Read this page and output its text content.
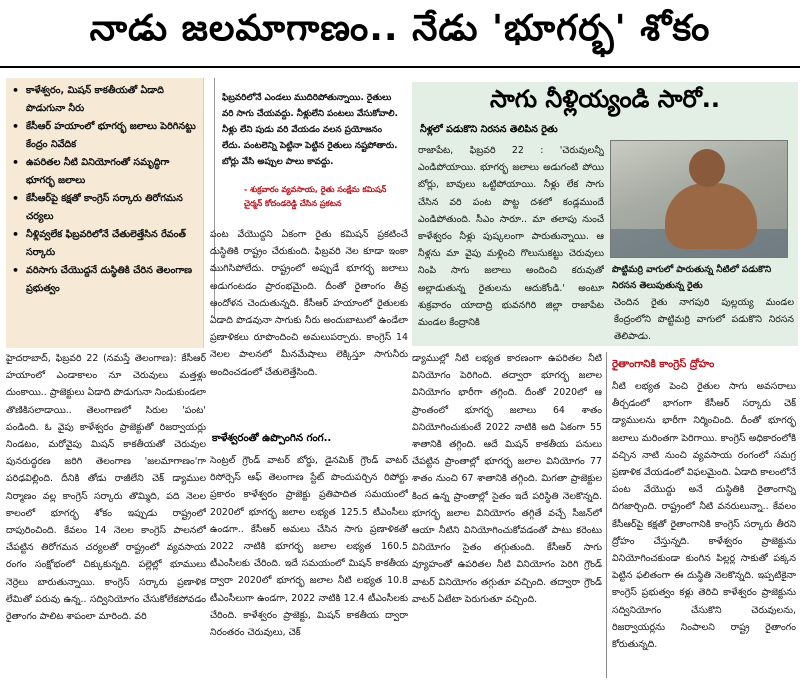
నాడు జలమాగాణం.. నేడు 'భూగర్భ' శోకం
• కాళేశ్వరం, మిషన్ కాకతీయతో ఏడాది పొడుగునా నీరు
• కేసీఆర్ హయాంలో భూగర్భ జలాలు పెరిగినట్టు కేంద్రం నివేదిక
• ఉపరితల నీటి వినియోగంతో సమృద్ధిగా భూగర్భ జలాలు
• కేసీఆర్‌పై కక్షతో కాంగ్రెస్ సర్కారు తిరోగమన చర్యలు
• నీళ్లివ్వలేక ఫిబ్రవరిలోనే చేతులెత్తేసిన రేవంత్ సర్కారు
• వరిసాగు చేయొద్దనే దుస్థితికి చేరిన తెలంగాణ ప్రభుత్వం
ఫిబ్రవరిలోనే ఎండలు ముదిరిపోతున్నాయి. రైతులు వరి సాగు చేయవద్దు. నీళ్లులేని పంటలు వేసుకోవాలి. నీళ్లు లేని పుడు వరి వేయడం వలన ప్రయోజనం లేదు. పంటలెన్ని పెట్టినా పెట్టిన రైతులు నష్టపోతారు. బోర్లు వేసి అప్పుల పాలు కావద్దు.
- శుక్రవారం వ్యవసాయ, రైతు సంక్షేమ కమిషన్ చైర్మన్ కోదండరెడ్డి చేసిన ప్రకటన
సాగు నీళ్లియ్యండి సారో..
నీళ్లలో పడుకొని నిరసన తెలిపిన రైతు
రాజాపేట, ఫిబ్రవరి 22 : 'చెరువులన్నీ ఎండిపోయాయి. భూగర్భ జలాలు అడుగంటి పోయి బోర్లు, బావులు ఒట్టిపోయాయి. నీళ్లు లేక సాగు చేసిన వరి పంట పొట్ట దశలో కండ్లముందే ఎండిపోతుంది. సీఎం సారూ.. మా తలాపు నుంచే కాళేశ్వరం నీళ్లు పుష్కలంగా పారుతున్నాయి. ఆ నీళ్లను మా వైపు మళ్లించి గొలుసుకట్టు చెరువులు నింపి సాగు జలాలు అందించి కరువుతో అల్లాడుతున్న రైతులను ఆదుకోండి.' అంటూ శుక్రవారం యాదాద్రి భువనగిరి జిల్లా రాజాపేట మండల కేంద్రానికి
పొట్టిమర్రి వాగులో పారుతున్న నీటిలో పడుకొని నిరసన తెలుపుతున్న రైతు
చెందిన రైతు నాగపురి పుల్లయ్య మండల కేంద్రంలోని పొట్టిమర్రి వాగులో పడుకొని నిరసన తెలిపాడు.
హైదరాబాద్, ఫిబ్రవరి 22 (నమస్తే తెలంగాణ): కేసీఆర్ హయాంలో ఎండాకాలం నూ చెరువులు మత్తళ్లు దుంకాయి.. ప్రాజెక్టులు ఏడాది పొడుగునా నిండుకుండలా తొణికిసలాడాయి.. తెలంగాణలో సిరుల 'పంట' పండింది. ఓ వైపు కాళేశ్వరం ప్రాజెక్టుతో రిజర్వాయర్లు నిండటం, మరోవైపు మిషన్ కాకతీయతో చెరువుల పునరుద్ధరణ జరిగి తెలంగాణ 'జలమాగాణం'గా పరిఢవిల్లింది. దీనికి తోడు రాజీలేని చెక్ డ్యాముల నిర్మాణం వల్ల కాంగ్రెస్ సర్కారు తొమ్మిది, పది నెలల కాలంలో భూగర్భ శోకం ఇప్పుడు రాష్ట్రంలో దాపురించింది. కేవలం 14 నెలల కాంగ్రెస్ పాలనలో చేపట్టిన తిరోగమన చర్యలతో రాష్ట్రంలో వ్యవసాయ రంగం సంక్షోభంలో చిక్కుకున్నది. పల్లెల్లో భూములు నెర్రెలు బారుతున్నాయి. కాంగ్రెస్ సర్కారు ప్రణాళిక లేమితో పరువు ఉన్న.. సద్వినియోగం చేసుకోలేకపోవడం రైతాంగం పాలిట శాపంలా మారింది. వరి
పంట వేయొద్దని ఏకంగా రైతు కమిషన్ ప్రకటించే దుస్థితికి రాష్ట్రం చేరుకుంది. ఫిబ్రవరి నెల కూడా ఇంకా ముగిసిపోలేదు. రాష్ట్రంలో అప్పుడే భూగర్భ జలాలు అడుగంటడం ప్రారంభమైంది. దీంతో రైతాంగం తీవ్ర ఆందోళన చెందుతున్నది. కేసీఆర్ హయాంలో రైతులకు ఏడాది పొడవునా సాగుకు నీరు అందుబాటులో ఉండేలా ప్రణాళికలు రూపొందించి అమలుపర్చారు. కాంగ్రెస్ 14 నెలల పాలనలో మీనమేషాలు లెక్కిస్తూ సాగునీరు అందించడంలో చేతులెత్తేసింది.
కాళేశ్వరంతో ఉప్పొంగిన గంగ..
సెంట్రల్ గ్రౌండ్ వాటర్ బోర్డు, డైనమిక్ గ్రౌండ్ వాటర్ రిసోర్సెస్ ఆఫ్ తెలంగాణ స్టేట్ పొందుపర్చిన రిపోర్టు ప్రకారం కాళేశ్వరం ప్రాజెక్టు ప్రతిపాదిత సమయంలో 2020లో భూగర్భ జలాల లభ్యత 125.5 టీఎంసీలు ఉండగా.. కేసీఆర్ అమలు చేసిన సాగు ప్రణాళికతో 2022 నాటికి భూగర్భ జలాల లభ్యత 160.5 టీఎంసీలకు చేరింది. ఇదే సమయంలో మిషన్ కాకతీయ ద్వారా 2020లో భూగర్భ జలాల నీటి లభ్యత 10.8 టీఎంసీలుగా ఉండగా, 2022 నాటికి 12.4 టీఎంసీలకు చేరింది. కాళేశ్వరం ప్రాజెక్టు, మిషన్ కాకతీయ ద్వారా నిరంతరం చెరువులు, చెక్
డ్యాముల్లో నీటి లభ్యత కారణంగా ఉపరితల నీటి వినియోగం పెరిగింది. తద్వారా భూగర్భ జలాల వినియోగం భారీగా తగ్గింది. దీంతో 2020లో ఆ ప్రాంతంలో భూగర్భ జలాలు 64 శాతం వినియోగించుకుంటే 2022 నాటికి అది ఏకంగా 55 శాతానికి తగ్గింది. ఆదే మిషన్ కాకతీయ పనులు చేపట్టిన ప్రాంతాల్లో భూగర్భ జలాల వినియోగం 77 శాతం నుంచి 67 శాతానికి తగ్గింది. మిగతా ప్రాజెక్టుల కింద ఉన్న ప్రాంతాల్లో సైతం ఇదే పరిస్థితి నెలకొన్నది. భూగర్భ జలాల వినియోగం తగ్గితే వచ్చే సీజన్‌లో ఆయా నీటిని వినియోగించుకోవడంతో పాటు కరెంటు వినియోగం సైతం తగ్గుతుంది. కేసీఆర్ సాగు వ్యూహంతో ఉపరితల నీటి వినియోగం పెరిగి గ్రౌండ్ వాటర్ వినియోగం తగ్గుతూ వచ్చింది. తద్వారా గ్రౌండ్ వాటర్ ఏటేటా పెరుగుతూ వచ్చింది.
రైతాంగానికి కాంగ్రెస్ ద్రోహం
నీటి లభ్యత పెంచి రైతుల సాగు అవసరాలు తీర్చడంలో భాగంగా కేసీఆర్ సర్కారు చెక్ డ్యాములను భారీగా నిర్మించింది. దీంతో భూగర్భ జలాలు మరింతగా పెరిగాయి. కాంగ్రెస్ అధికారంలోకి వచ్చిన నాటి నుంచి వ్యవసాయ రంగంలో సమగ్ర ప్రణాళిక వేయడంలో విఫలమైంది. ఏడాది కాలంలోనే పంట వేయొద్దు అనే దుస్థితికి రైతాంగాన్ని దిగజార్చింది. రాష్ట్రంలో నీటి వనరులున్నా.. కేవలం కేసీఆర్‌పై కక్షతో రైతాంగానికి కాంగ్రెస్ సర్కారు తీరని ద్రోహం చేస్తున్నది. కాళేశ్వరం ప్రాజెక్టును వినియోగించకుండా కుంగిన పిల్లర్ల సాకుతో పక్కన పెట్టిన ఫలితంగా ఈ దుస్థితి నెలకొన్నది. ఇప్పటికైనా కాంగ్రెస్ ప్రభుత్వం కళ్లు తెరిచి కాళేశ్వరం ప్రాజెక్టును సద్వినియోగం చేసుకొని చెరువులను, రిజర్వాయర్లను నింపాలని రాష్ట్ర రైతాంగం కోరుతున్నది.
